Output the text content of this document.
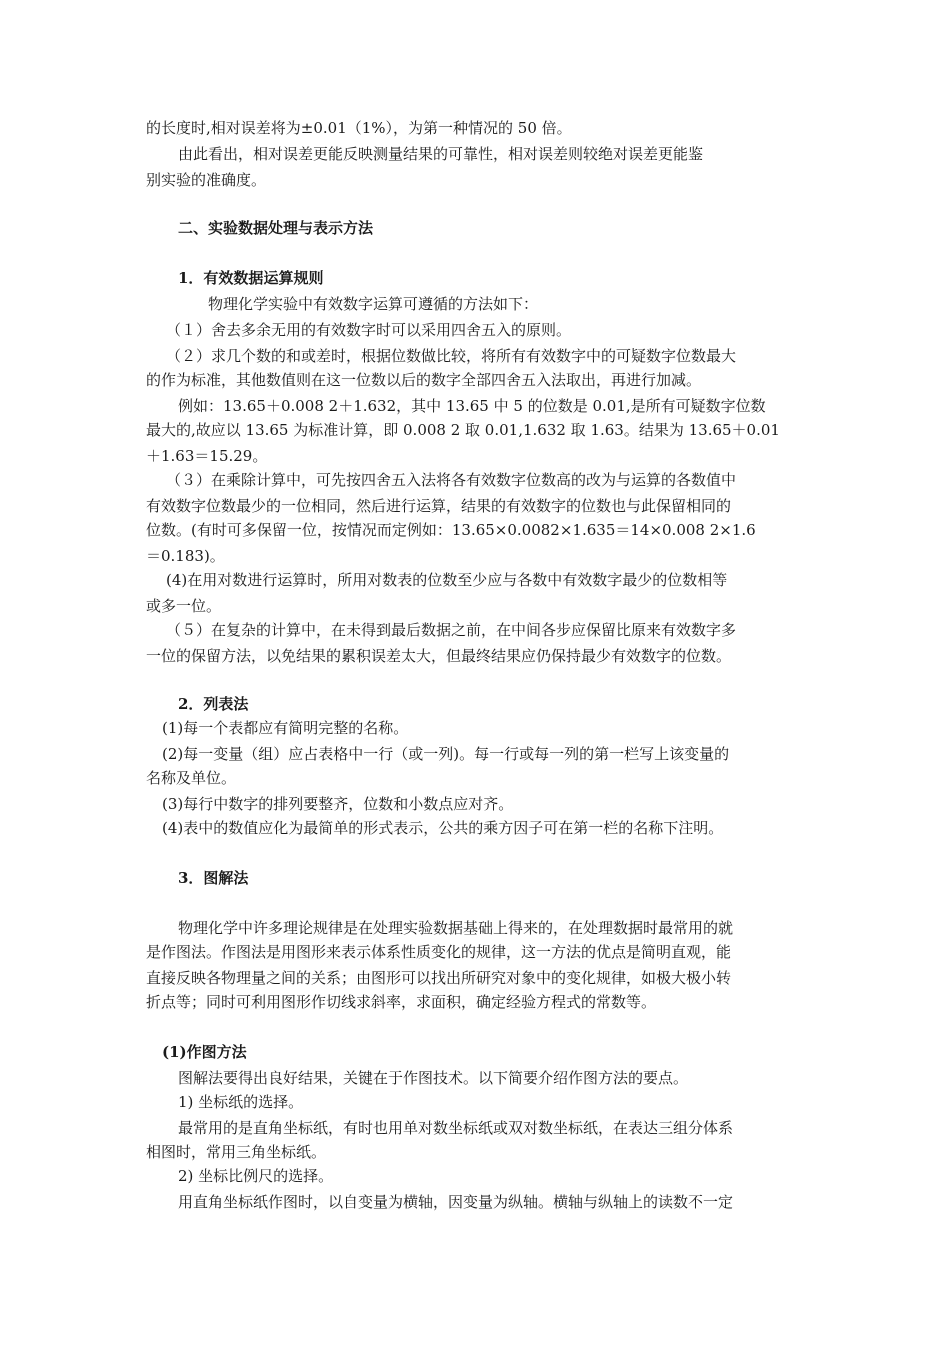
的长度时,相对误差将为±0.01（1%），为第一种情况的 50 倍。
由此看出，相对误差更能反映测量结果的可靠性，相对误差则较绝对误差更能鉴
别实验的准确度。
二、实验数据处理与表示方法
1．有效数据运算规则
物理化学实验中有效数字运算可遵循的方法如下：
（１）舍去多余无用的有效数字时可以采用四舍五入的原则。
（２）求几个数的和或差时，根据位数做比较，将所有有效数字中的可疑数字位数最大
的作为标准，其他数值则在这一位数以后的数字全部四舍五入法取出，再进行加减。
例如：13.65＋0.008 2＋1.632，其中 13.65 中 5 的位数是 0.01,是所有可疑数字位数
最大的,故应以 13.65 为标准计算，即 0.008 2 取 0.01,1.632 取 1.63。结果为 13.65＋0.01
＋1.63＝15.29。
（３）在乘除计算中，可先按四舍五入法将各有效数字位数高的改为与运算的各数值中
有效数字位数最少的一位相同，然后进行运算，结果的有效数字的位数也与此保留相同的
位数。(有时可多保留一位，按情况而定例如：13.65×0.0082×1.635＝14×0.008 2×1.6
＝0.183)。
(4)在用对数进行运算时，所用对数表的位数至少应与各数中有效数字最少的位数相等
或多一位。
（５）在复杂的计算中，在未得到最后数据之前，在中间各步应保留比原来有效数字多
一位的保留方法，以免结果的累积误差太大，但最终结果应仍保持最少有效数字的位数。
2．列表法
(1)每一个表都应有简明完整的名称。
(2)每一变量（组）应占表格中一行（或一列)。每一行或每一列的第一栏写上该变量的
名称及单位。
(3)每行中数字的排列要整齐，位数和小数点应对齐。
(4)表中的数值应化为最简单的形式表示，公共的乘方因子可在第一栏的名称下注明。
3．图解法
物理化学中许多理论规律是在处理实验数据基础上得来的，在处理数据时最常用的就
是作图法。作图法是用图形来表示体系性质变化的规律，这一方法的优点是简明直观，能
直接反映各物理量之间的关系；由图形可以找出所研究对象中的变化规律，如极大极小转
折点等；同时可利用图形作切线求斜率，求面积，确定经验方程式的常数等。
(1)作图方法
图解法要得出良好结果，关键在于作图技术。以下简要介绍作图方法的要点。
1) 坐标纸的选择。
最常用的是直角坐标纸，有时也用单对数坐标纸或双对数坐标纸，在表达三组分体系
相图时，常用三角坐标纸。
2) 坐标比例尺的选择。
用直角坐标纸作图时，以自变量为横轴，因变量为纵轴。横轴与纵轴上的读数不一定
